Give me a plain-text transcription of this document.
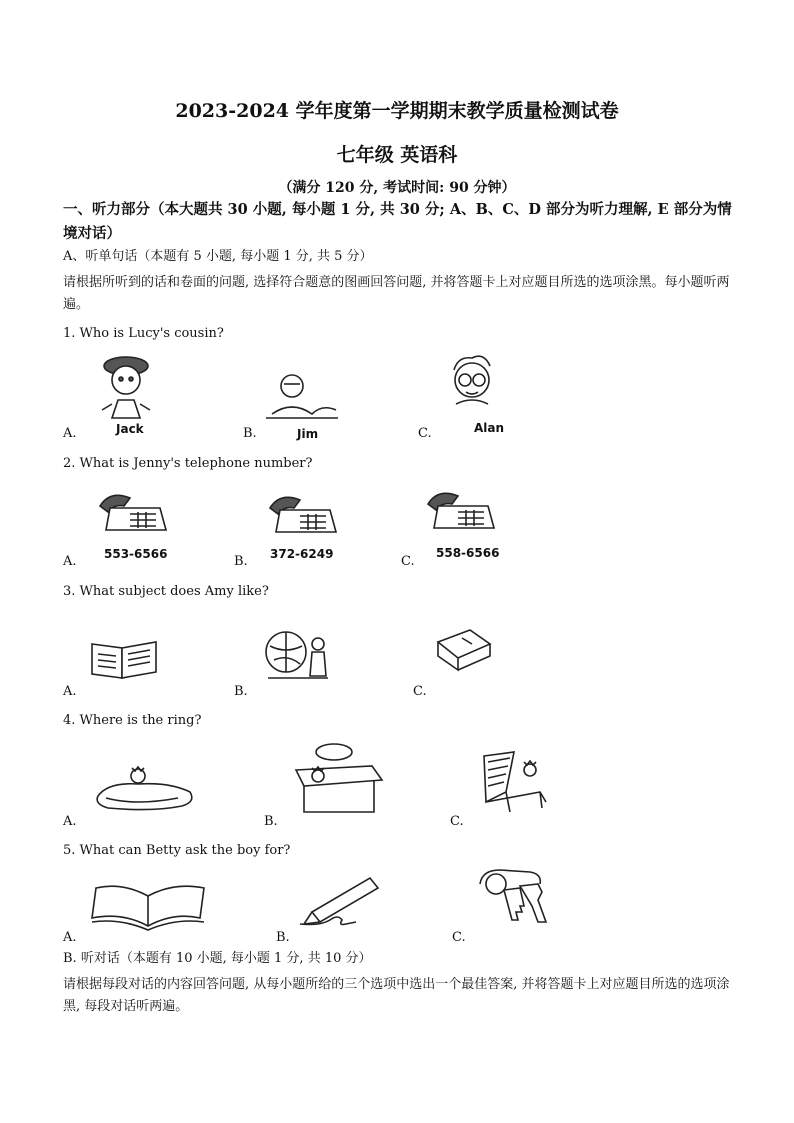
2023-2024 学年度第一学期期末教学质量检测试卷
七年级 英语科
（满分 120 分, 考试时间: 90 分钟）
一、听力部分（本大题共 30 小题, 每小题 1 分, 共 30 分; A、B、C、D 部分为听力理解, E 部分为情境对话）
A、听单句话（本题有 5 小题, 每小题 1 分, 共 5 分）
请根据所听到的话和卷面的问题, 选择符合题意的图画回答问题, 并将答题卡上对应题目所选的选项涂黑。每小题听两遍。
1. Who is Lucy's cousin?
A.	B.	C.
Jack	Jim	Alan
2. What is Jenny's telephone number?
A.	B.	C.
553-6566	372-6249	558-6566
3. What subject does Amy like?
A.	B.	C.
4. Where is the ring?
A.	B.	C.
5. What can Betty ask the boy for?
A.	B.	C.
B. 听对话（本题有 10 小题, 每小题 1 分, 共 10 分）
请根据每段对话的内容回答问题, 从每小题所给的三个选项中选出一个最佳答案, 并将答题卡上对应题目所选的选项涂黑, 每段对话听两遍。
